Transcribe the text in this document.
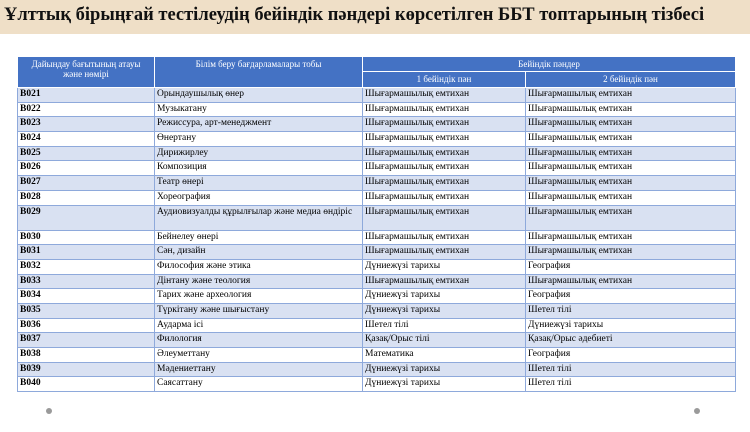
Ұлттық бірыңғай тестілеудің бейіндік пәндері көрсетілген ББТ топтарының тізбесі
Дайындау бағытының атауы және нөмірі	Білім беру бағдарламалары тобы	Бейіндік пәндер	
		1 бейіндік пән	2 бейіндік пән
B021	Орындаушылық өнер	Шығармашылық емтихан	Шығармашылық емтихан
B022	Музыкатану	Шығармашылық емтихан	Шығармашылық емтихан
B023	Режиссура, арт-менеджмент	Шығармашылық емтихан	Шығармашылық емтихан
B024	Өнертану	Шығармашылық емтихан	Шығармашылық емтихан
B025	Дирижирлеу	Шығармашылық емтихан	Шығармашылық емтихан
B026	Композиция	Шығармашылық емтихан	Шығармашылық емтихан
B027	Театр өнері	Шығармашылық емтихан	Шығармашылық емтихан
B028	Хореография	Шығармашылық емтихан	Шығармашылық емтихан
B029	Аудиовизуалды құрылғылар және медиа өндіріс	Шығармашылық емтихан	Шығармашылық емтихан
B030	Бейнелеу өнері	Шығармашылық емтихан	Шығармашылық емтихан
B031	Сән, дизайн	Шығармашылық емтихан	Шығармашылық емтихан
B032	Философия және этика	Дүниежүзі тарихы	География
B033	Дінтану және теология	Шығармашылық емтихан	Шығармашылық емтихан
B034	Тарих және археология	Дүниежүзі тарихы	География
B035	Түркітану және шығыстану	Дүниежүзі тарихы	Шетел тілі
B036	Аударма ісі	Шетел тілі	Дүниежүзі тарихы
B037	Филология	Қазақ/Орыс тілі	Қазақ/Орыс әдебиеті
B038	Әлеуметтану	Математика	География
B039	Мәдениеттану	Дүниежүзі тарихы	Шетел тілі
B040	Саясаттану	Дүниежүзі тарихы	Шетел тілі
